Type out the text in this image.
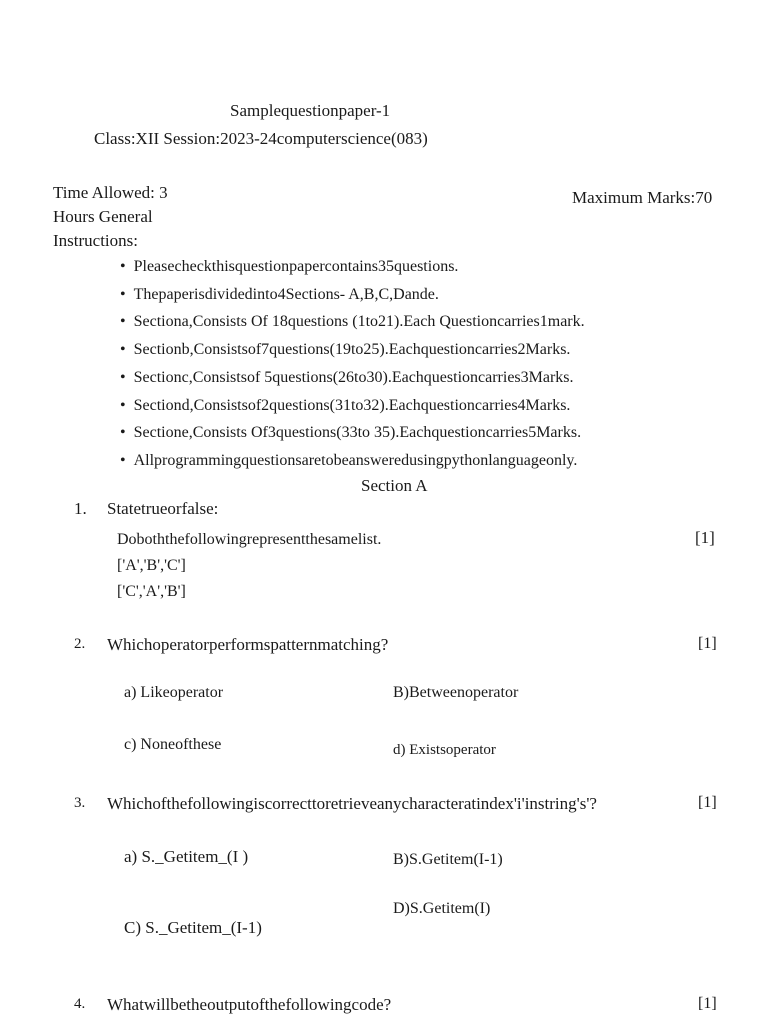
Samplequestionpaper-1
Class:XII Session:2023-24computerscience(083)
Time Allowed: 3
Hours General
Instructions:
Maximum Marks:70
• Pleasecheckthisquestionpapercontains35questions.
• Thepaperisdividedinto4Sections- A,B,C,Dande.
• Sectiona,Consists Of 18questions (1to21).Each Questioncarries1mark.
• Sectionb,Consistsof7questions(19to25).Eachquestioncarries2Marks.
• Sectionc,Consistsof 5questions(26to30).Eachquestioncarries3Marks.
• Sectiond,Consistsof2questions(31to32).Eachquestioncarries4Marks.
• Sectione,Consists Of3questions(33to 35).Eachquestioncarries5Marks.
• Allprogrammingquestionsaretobeansweredusingpythonlanguageonly.
Section A
1. Statetrueorfalse:
Doboththefollowingrepresentthesamelist.
['A','B','C']
['C','A','B']
[1]
2. Whichoperatorperformspatternmatching?	[1]
a) Likeoperator	B)Betweenoperator
c) Noneofthese	d) Existsoperator
3. Whichofthefollowingiscorrecttoretrieveanycharacteratindex'i'instring's'?	[1]
a) S._Getitem_(I )	B)S.Getitem(I-1)
C) S._Getitem_(I-1)
D)S.Getitem(I)
4. Whatwillbetheoutputofthefollowingcode?	[1]
